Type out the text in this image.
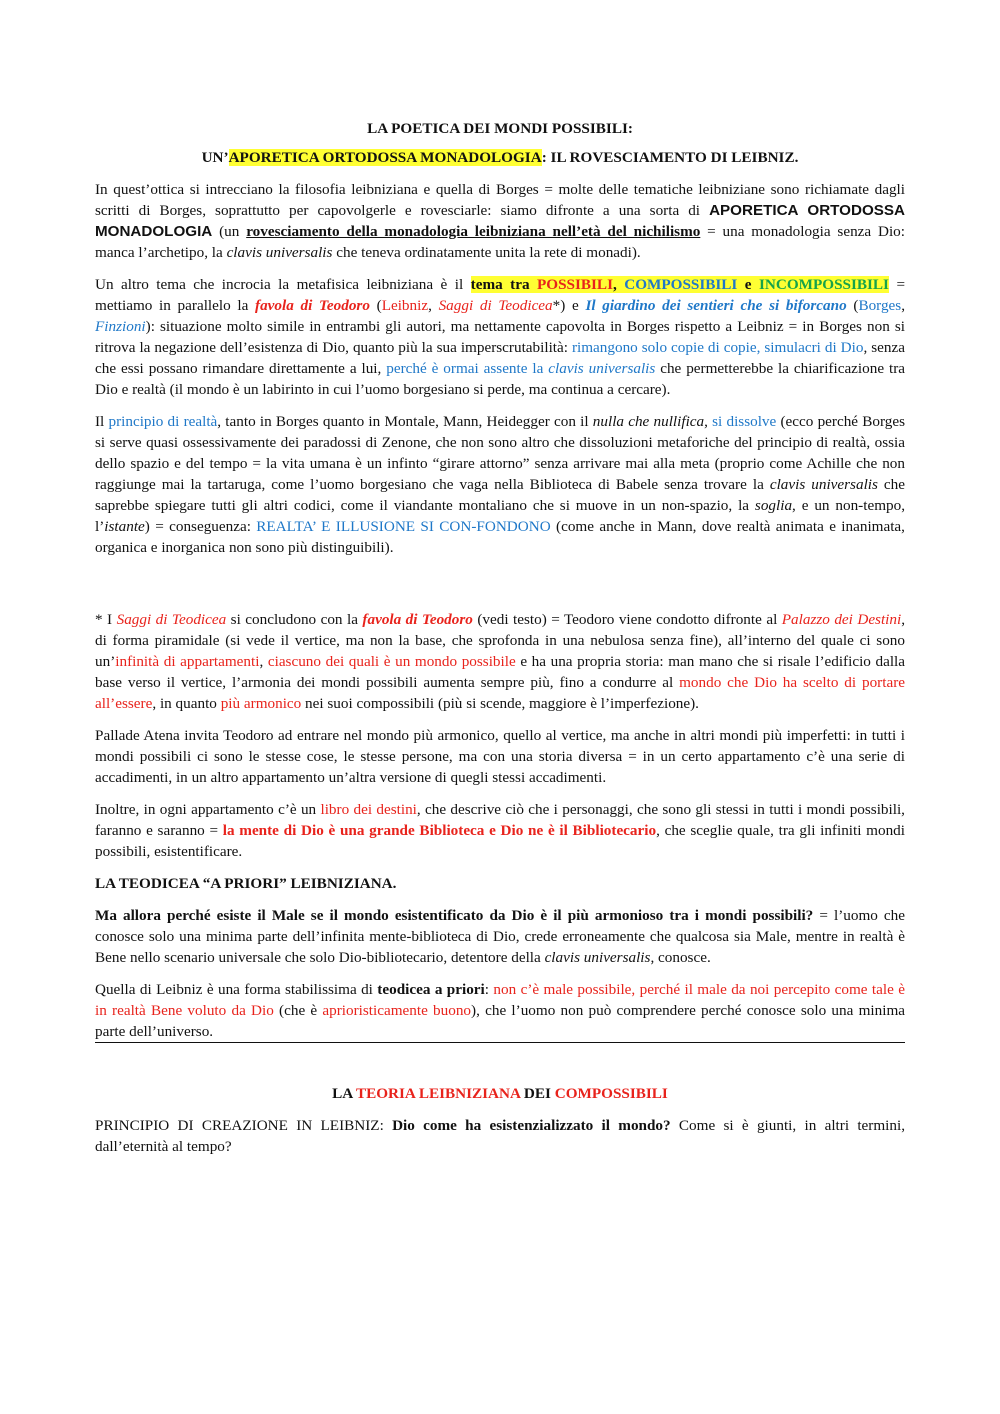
LA POETICA DEI MONDI POSSIBILI:
UN’APORETICA ORTODOSSA MONADOLOGIA: IL ROVESCIAMENTO DI LEIBNIZ.

In quest’ottica si intrecciano la filosofia leibniziana e quella di Borges = molte delle tematiche leibniziane sono richiamate dagli scritti di Borges, soprattutto per capovolgerle e rovesciarle: siamo difronte a una sorta di APORETICA ORTODOSSA MONADOLOGIA (un rovesciamento della monadologia leibniziana nell’età del nichilismo = una monadologia senza Dio: manca l’archetipo, la clavis universalis che teneva ordinatamente unita la rete di monadi).

Un altro tema che incrocia la metafisica leibniziana è il tema tra POSSIBILI, COMPOSSIBILI e INCOMPOSSIBILI = mettiamo in parallelo la favola di Teodoro (Leibniz, Saggi di Teodicea*) e Il giardino dei sentieri che si biforcano (Borges, Finzioni): situazione molto simile in entrambi gli autori, ma nettamente capovolta in Borges rispetto a Leibniz = in Borges non si ritrova la negazione dell’esistenza di Dio, quanto più la sua imperscrutabilità: rimangono solo copie di copie, simulacri di Dio, senza che essi possano rimandare direttamente a lui, perché è ormai assente la clavis universalis che permetterebbe la chiarificazione tra Dio e realtà (il mondo è un labirinto in cui l’uomo borgesiano si perde, ma continua a cercare).

Il principio di realtà, tanto in Borges quanto in Montale, Mann, Heidegger con il nulla che nullifica, si dissolve (ecco perché Borges si serve quasi ossessivamente dei paradossi di Zenone, che non sono altro che dissoluzioni metaforiche del principio di realtà, ossia dello spazio e del tempo = la vita umana è un infinto “girare attorno” senza arrivare mai alla meta (proprio come Achille che non raggiunge mai la tartaruga, come l’uomo borgesiano che vaga nella Biblioteca di Babele senza trovare la clavis universalis che saprebbe spiegare tutti gli altri codici, come il viandante montaliano che si muove in un non-spazio, la soglia, e un non-tempo, l’istante) = conseguenza: REALTA’ E ILLUSIONE SI CON-FONDONO (come anche in Mann, dove realtà animata e inanimata, organica e inorganica non sono più distinguibili).

* I Saggi di Teodicea si concludono con la favola di Teodoro (vedi testo) = Teodoro viene condotto difronte al Palazzo dei Destini, di forma piramidale (si vede il vertice, ma non la base, che sprofonda in una nebulosa senza fine), all’interno del quale ci sono un’infinità di appartamenti, ciascuno dei quali è un mondo possibile e ha una propria storia: man mano che si risale l’edificio dalla base verso il vertice, l’armonia dei mondi possibili aumenta sempre più, fino a condurre al mondo che Dio ha scelto di portare all’essere, in quanto più armonico nei suoi compossibili (più si scende, maggiore è l’imperfezione).

Pallade Atena invita Teodoro ad entrare nel mondo più armonico, quello al vertice, ma anche in altri mondi più imperfetti: in tutti i mondi possibili ci sono le stesse cose, le stesse persone, ma con una storia diversa = in un certo appartamento c’è una serie di accadimenti, in un altro appartamento un’altra versione di quegli stessi accadimenti.

Inoltre, in ogni appartamento c’è un libro dei destini, che descrive ciò che i personaggi, che sono gli stessi in tutti i mondi possibili, faranno e saranno = la mente di Dio è una grande Biblioteca e Dio ne è il Bibliotecario, che sceglie quale, tra gli infiniti mondi possibili, esistentificare.

LA TEODICEA “A PRIORI” LEIBNIZIANA.

Ma allora perché esiste il Male se il mondo esistentificato da Dio è il più armonioso tra i mondi possibili? = l’uomo che conosce solo una minima parte dell’infinita mente-biblioteca di Dio, crede erroneamente che qualcosa sia Male, mentre in realtà è Bene nello scenario universale che solo Dio-bibliotecario, detentore della clavis universalis, conosce.

Quella di Leibniz è una forma stabilissima di teodicea a priori: non c’è male possibile, perché il male da noi percepito come tale è in realtà Bene voluto da Dio (che è aprioristicamente buono), che l’uomo non può comprendere perché conosce solo una minima parte dell’universo.

LA TEORIA LEIBNIZIANA DEI COMPOSSIBILI

PRINCIPIO DI CREAZIONE IN LEIBNIZ: Dio come ha esistenzializzato il mondo? Come si è giunti, in altri termini, dall’eternità al tempo?
